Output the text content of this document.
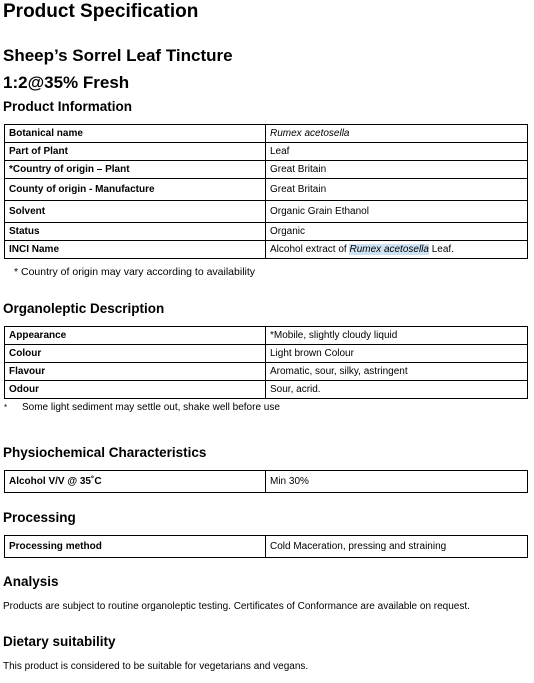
Product Specification
Sheep’s Sorrel Leaf Tincture
1:2@35% Fresh
Product Information
Botanical name	Rumex acetosella
Part of Plant	Leaf
*Country of origin – Plant	Great Britain
County of origin - Manufacture	Great Britain
Solvent	Organic Grain Ethanol
Status	Organic
INCI Name	Alcohol extract of Rumex acetosella Leaf.
* Country of origin may vary according to availability
Organoleptic Description
Appearance	*Mobile, slightly cloudy liquid
Colour	Light brown Colour
Flavour	Aromatic, sour, silky, astringent
Odour	Sour, acrid.
* Some light sediment may settle out, shake well before use
Physiochemical Characteristics
Alcohol V/V @ 35˚C	Min 30%
Processing
Processing method	Cold Maceration, pressing and straining
Analysis
Products are subject to routine organoleptic testing. Certificates of Conformance are available on request.
Dietary suitability
This product is considered to be suitable for vegetarians and vegans.
